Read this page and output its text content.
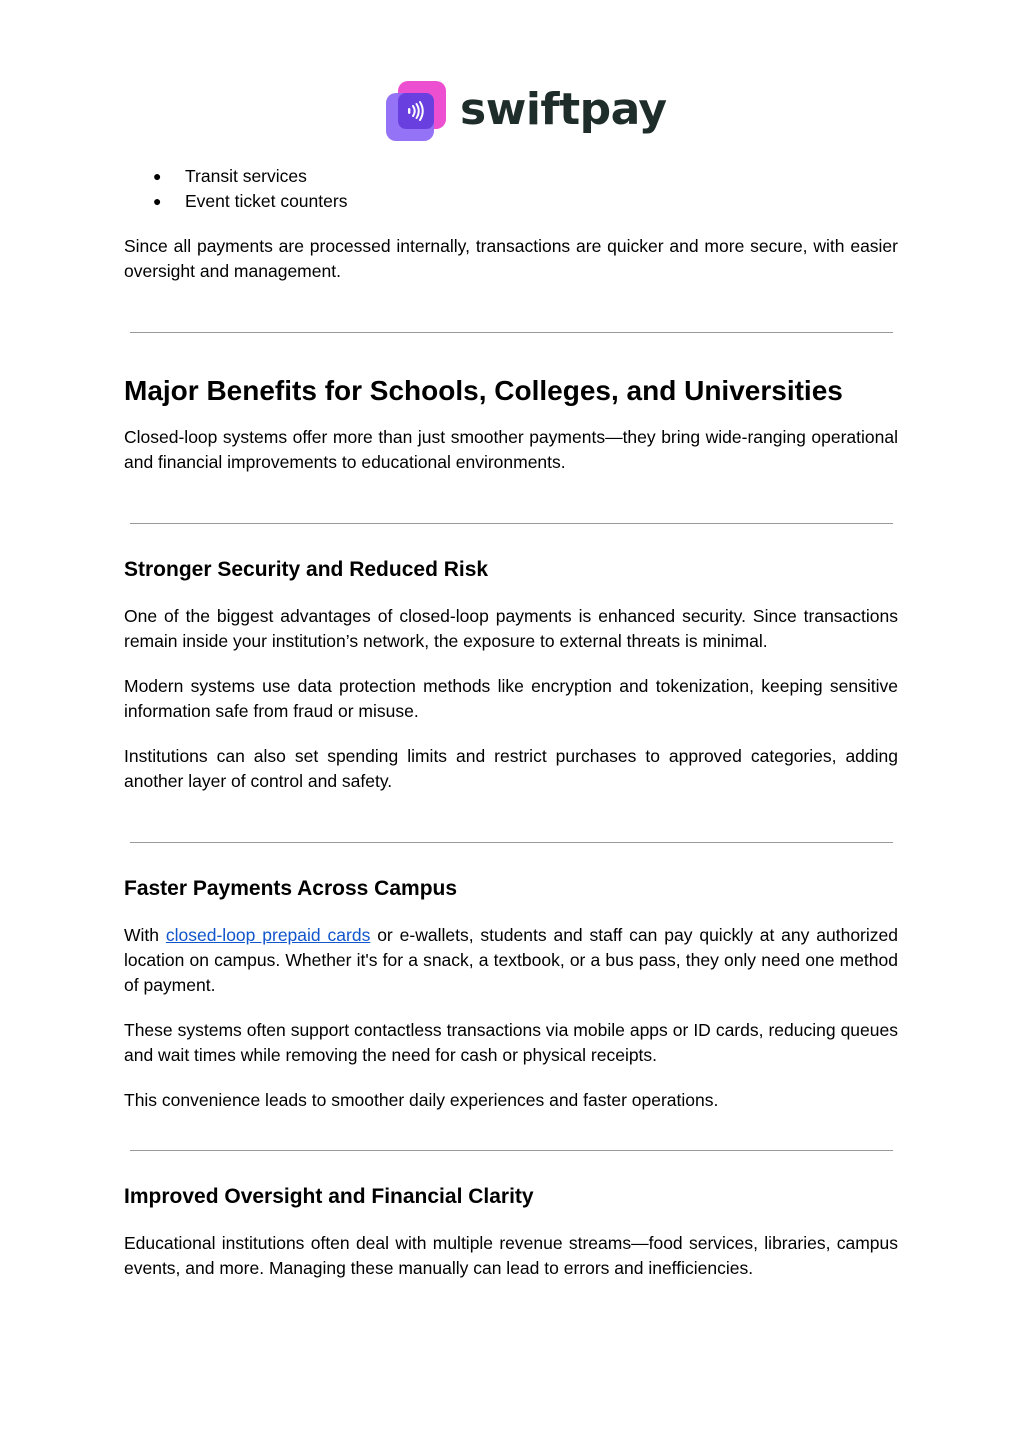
swiftpay
● Transit services
● Event ticket counters

Since all payments are processed internally, transactions are quicker and more secure, with easier oversight and management.

Major Benefits for Schools, Colleges, and Universities

Closed-loop systems offer more than just smoother payments—they bring wide-ranging operational and financial improvements to educational environments.

Stronger Security and Reduced Risk

One of the biggest advantages of closed-loop payments is enhanced security. Since transactions remain inside your institution’s network, the exposure to external threats is minimal.

Modern systems use data protection methods like encryption and tokenization, keeping sensitive information safe from fraud or misuse.

Institutions can also set spending limits and restrict purchases to approved categories, adding another layer of control and safety.

Faster Payments Across Campus

With closed-loop prepaid cards or e-wallets, students and staff can pay quickly at any authorized location on campus. Whether it's for a snack, a textbook, or a bus pass, they only need one method of payment.

These systems often support contactless transactions via mobile apps or ID cards, reducing queues and wait times while removing the need for cash or physical receipts.

This convenience leads to smoother daily experiences and faster operations.

Improved Oversight and Financial Clarity

Educational institutions often deal with multiple revenue streams—food services, libraries, campus events, and more. Managing these manually can lead to errors and inefficiencies.
